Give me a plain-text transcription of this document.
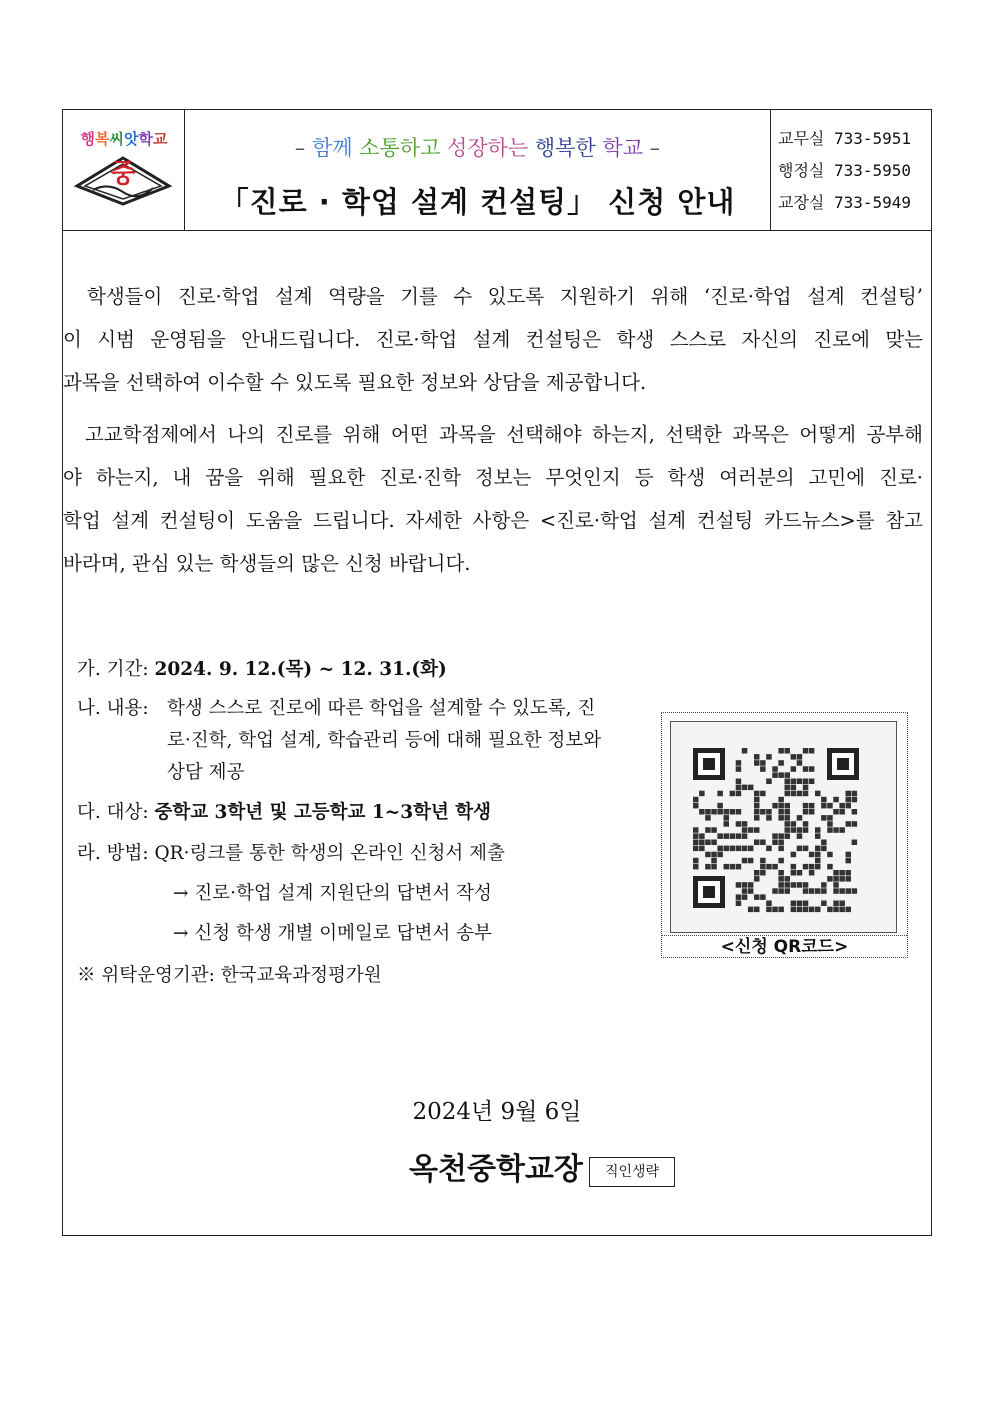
행복씨앗학교
중
– 함께 소통하고 성장하는 행복한 학교 –
「진로 · 학업 설계 컨설팅」 신청 안내
교무실 733-5951
행정실 733-5950
교장실 733-5949
학생들이 진로·학업 설계 역량을 기를 수 있도록 지원하기 위해 ‘진로·학업 설계 컨설팅’
이 시범 운영됨을 안내드립니다. 진로·학업 설계 컨설팅은 학생 스스로 자신의 진로에 맞는
과목을 선택하여 이수할 수 있도록 필요한 정보와 상담을 제공합니다.
고교학점제에서 나의 진로를 위해 어떤 과목을 선택해야 하는지, 선택한 과목은 어떻게 공부해
야 하는지, 내 꿈을 위해 필요한 진로·진학 정보는 무엇인지 등 학생 여러분의 고민에 진로·
학업 설계 컨설팅이 도움을 드립니다. 자세한 사항은 <진로·학업 설계 컨설팅 카드뉴스>를 참고
바라며, 관심 있는 학생들의 많은 신청 바랍니다.
가. 기간: 2024. 9. 12.(목) ~ 12. 31.(화)
나. 내용: 학생 스스로 진로에 따른 학업을 설계할 수 있도록, 진
로·진학, 학업 설계, 학습관리 등에 대해 필요한 정보와
상담 제공
다. 대상: 중학교 3학년 및 고등학교 1~3학년 학생
라. 방법: QR·링크를 통한 학생의 온라인 신청서 제출
→ 진로·학업 설계 지원단의 답변서 작성
→ 신청 학생 개별 이메일로 답변서 송부
※ 위탁운영기관: 한국교육과정평가원
<신청 QR코드>
2024년 9월 6일
옥천중학교장	직인생략
